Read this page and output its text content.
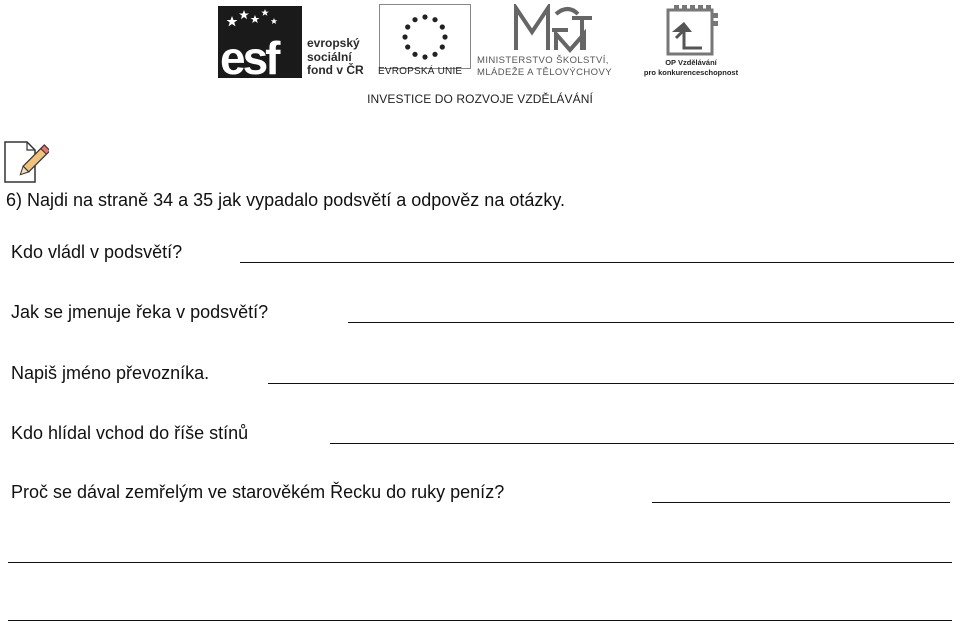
esf	evropský
sociální
fond v ČR EVROPSKÁ UNIE
MINISTERSTVO ŠKOLSTVÍ,
MLÁDEŽE A TĚLOVÝCHOVY
OP Vzdělávání
pro konkurenceschopnost
INVESTICE DO ROZVOJE VZDĚLÁVÁNÍ
6) Najdi na straně 34 a 35 jak vypadalo podsvětí a odpověz na otázky.
Kdo vládl v podsvětí?
Jak se jmenuje řeka v podsvětí?
Napiš jméno převozníka.
Kdo hlídal vchod do říše stínů
Proč se dával zemřelým ve starověkém Řecku do ruky peníz?
